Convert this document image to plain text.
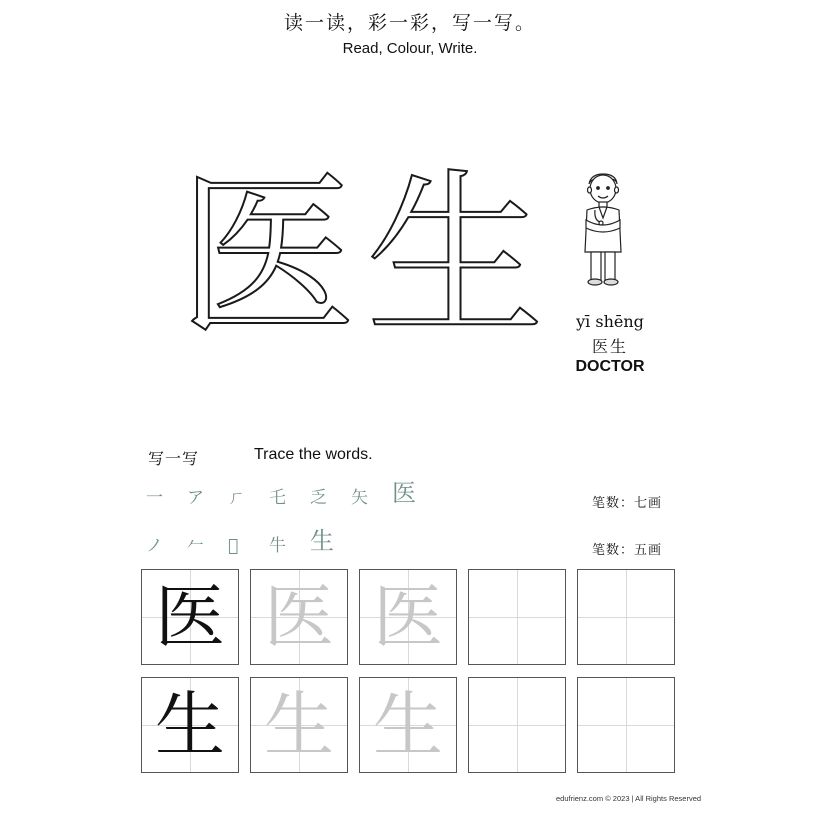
读一读，彩一彩，写一写。
Read, Colour, Write.
医 生	yī shēng
医生
DOCTOR
写一写	Trace the words.
一	ア	ㄏ	乇	乏	矢	医	笔数：七画
ノ	𠂉	𠂋	牛	生	笔数：五画
医 医 医
生 生 生
edufrienz.com © 2023 | All Rights Reserved
